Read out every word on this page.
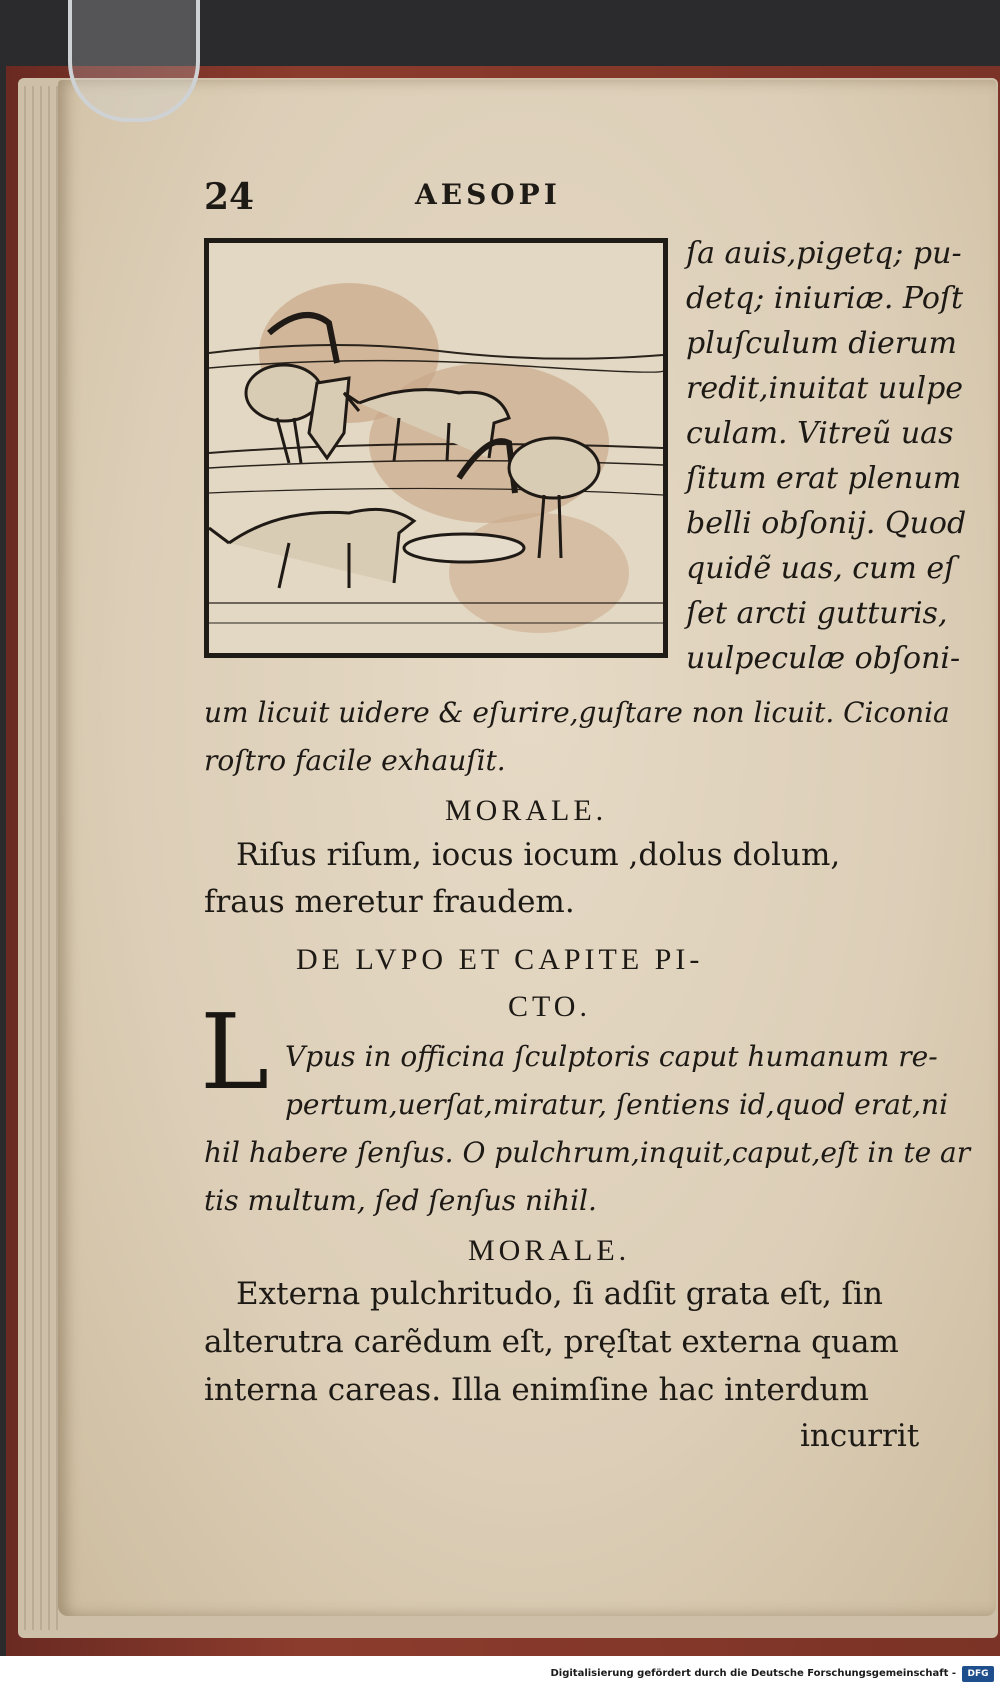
24	AESOPI
ſa auis,pigetq; pu-
detq; iniuriæ. Poſt
pluſculum dierum
redit,inuitat uulpe
culam. Vitreũ uas
ſitum erat plenum
belli obſonij. Quod
quidẽ uas, cum eſ
ſet arcti gutturis,
uulpeculæ obſoni-
um licuit uidere & eſurire,guſtare non licuit. Ciconia
roſtro facile exhauſit.
MORALE.
Riſus riſum, iocus iocum ,dolus dolum,
fraus meretur fraudem.
DE LVPO ET CAPITE PI-
CTO.
L Vpus in officina ſculptoris caput humanum re-
pertum,uerſat,miratur, ſentiens id,quod erat,ni
hil habere ſenſus. O pulchrum,inquit,caput,eſt in te ar
tis multum, ſed ſenſus nihil.
MORALE.
Externa pulchritudo, ſi adſit grata eſt, ſin
alterutra carẽdum eſt, pręſtat externa quam
interna careas. Illa enimſine hac interdum
incurrit
Digitalisierung gefördert durch die Deutsche Forschungsgemeinschaft -	DFG
